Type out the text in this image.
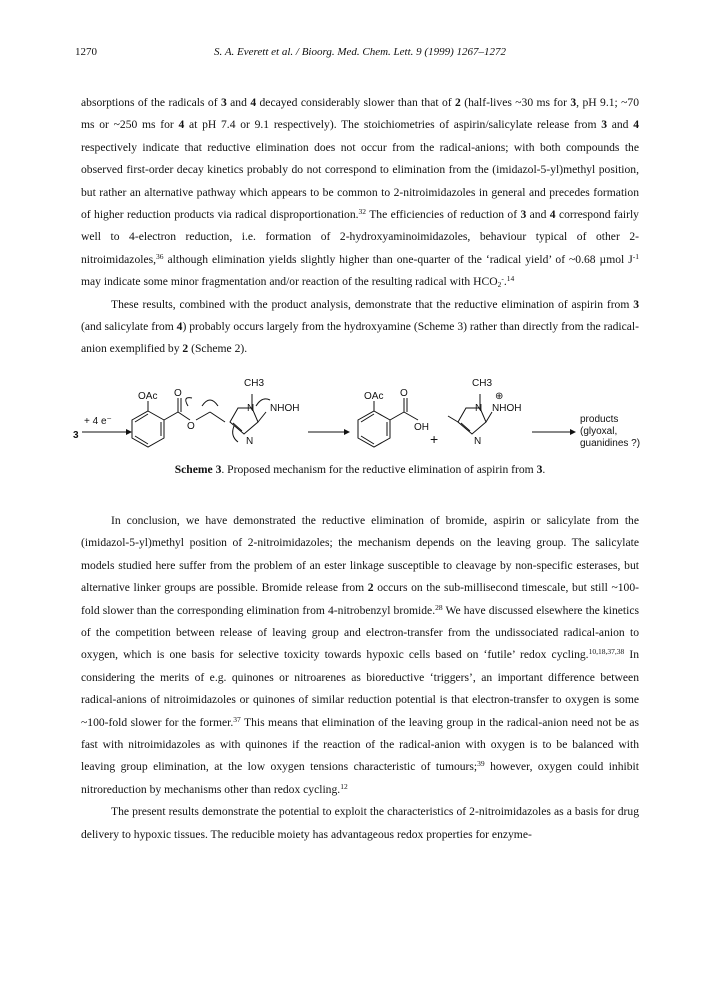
1270	S. A. Everett et al. / Bioorg. Med. Chem. Lett. 9 (1999) 1267–1272

absorptions of the radicals of 3 and 4 decayed considerably slower than that of 2 (half-lives ~30 ms for 3, pH 9.1; ~70 ms or ~250 ms for 4 at pH 7.4 or 9.1 respectively). The stoichiometries of aspirin/salicylate release from 3 and 4 respectively indicate that reductive elimination does not occur from the radical-anions; with both compounds the observed first-order decay kinetics probably do not correspond to elimination from the (imidazol-5-yl)methyl position, but rather an alternative pathway which appears to be common to 2-nitroimidazoles in general and precedes formation of higher reduction products via radical disproportionation.$^{32}$ The efficiencies of reduction of 3 and 4 correspond fairly well to 4-electron reduction, i.e. formation of 2-hydroxyaminoimidazoles, behaviour typical of other 2-nitroimidazoles,$^{36}$ although elimination yields slightly higher than one-quarter of the ‘radical yield’ of ~0.68 µmol $J^{-1}$ may indicate some minor fragmentation and/or reaction of the resulting radical with $HCO_2^-.^{14}$

These results, combined with the product analysis, demonstrate that the reductive elimination of aspirin from 3 (and salicylate from 4) probably occurs largely from the hydroxyamine (Scheme 3) rather than directly from the radical-anion exemplified by 2 (Scheme 2).

3
+ 4 e⁻
OAc O
O
CH3
N
N
NHOH
OAc O
OH
+
CH3
N
N
⊕
NHOH
products
(glyoxal,
guanidines ?)
Scheme 3. Proposed mechanism for the reductive elimination of aspirin from 3.

In conclusion, we have demonstrated the reductive elimination of bromide, aspirin or salicylate from the (imidazol-5-yl)methyl position of 2-nitroimidazoles; the mechanism depends on the leaving group. The salicylate models studied here suffer from the problem of an ester linkage susceptible to cleavage by non-specific esterases, but alternative linker groups are possible. Bromide release from 2 occurs on the sub-millisecond timescale, but still ~100-fold slower than the corresponding elimination from 4-nitrobenzyl bromide.$^{28}$ We have discussed elsewhere the kinetics of the competition between release of leaving group and electron-transfer from the undissociated radical-anion to oxygen, which is one basis for selective toxicity towards hypoxic cells based on ‘futile’ redox cycling.$^{10,18,37,38}$ In considering the merits of e.g. quinones or nitroarenes as bioreductive ‘triggers’, an important difference between radical-anions of nitroimidazoles or quinones of similar reduction potential is that electron-transfer to oxygen is some ~100-fold slower for the former.$^{37}$ This means that elimination of the leaving group in the radical-anion need not be as fast with nitroimidazoles as with quinones if the reaction of the radical-anion with oxygen is to be balanced with leaving group elimination, at the low oxygen tensions characteristic of tumours;$^{39}$ however, oxygen could inhibit nitroreduction by mechanisms other than redox cycling.$^{12}$

The present results demonstrate the potential to exploit the characteristics of 2-nitroimidazoles as a basis for drug delivery to hypoxic tissues. The reducible moiety has advantageous redox properties for enzyme-
